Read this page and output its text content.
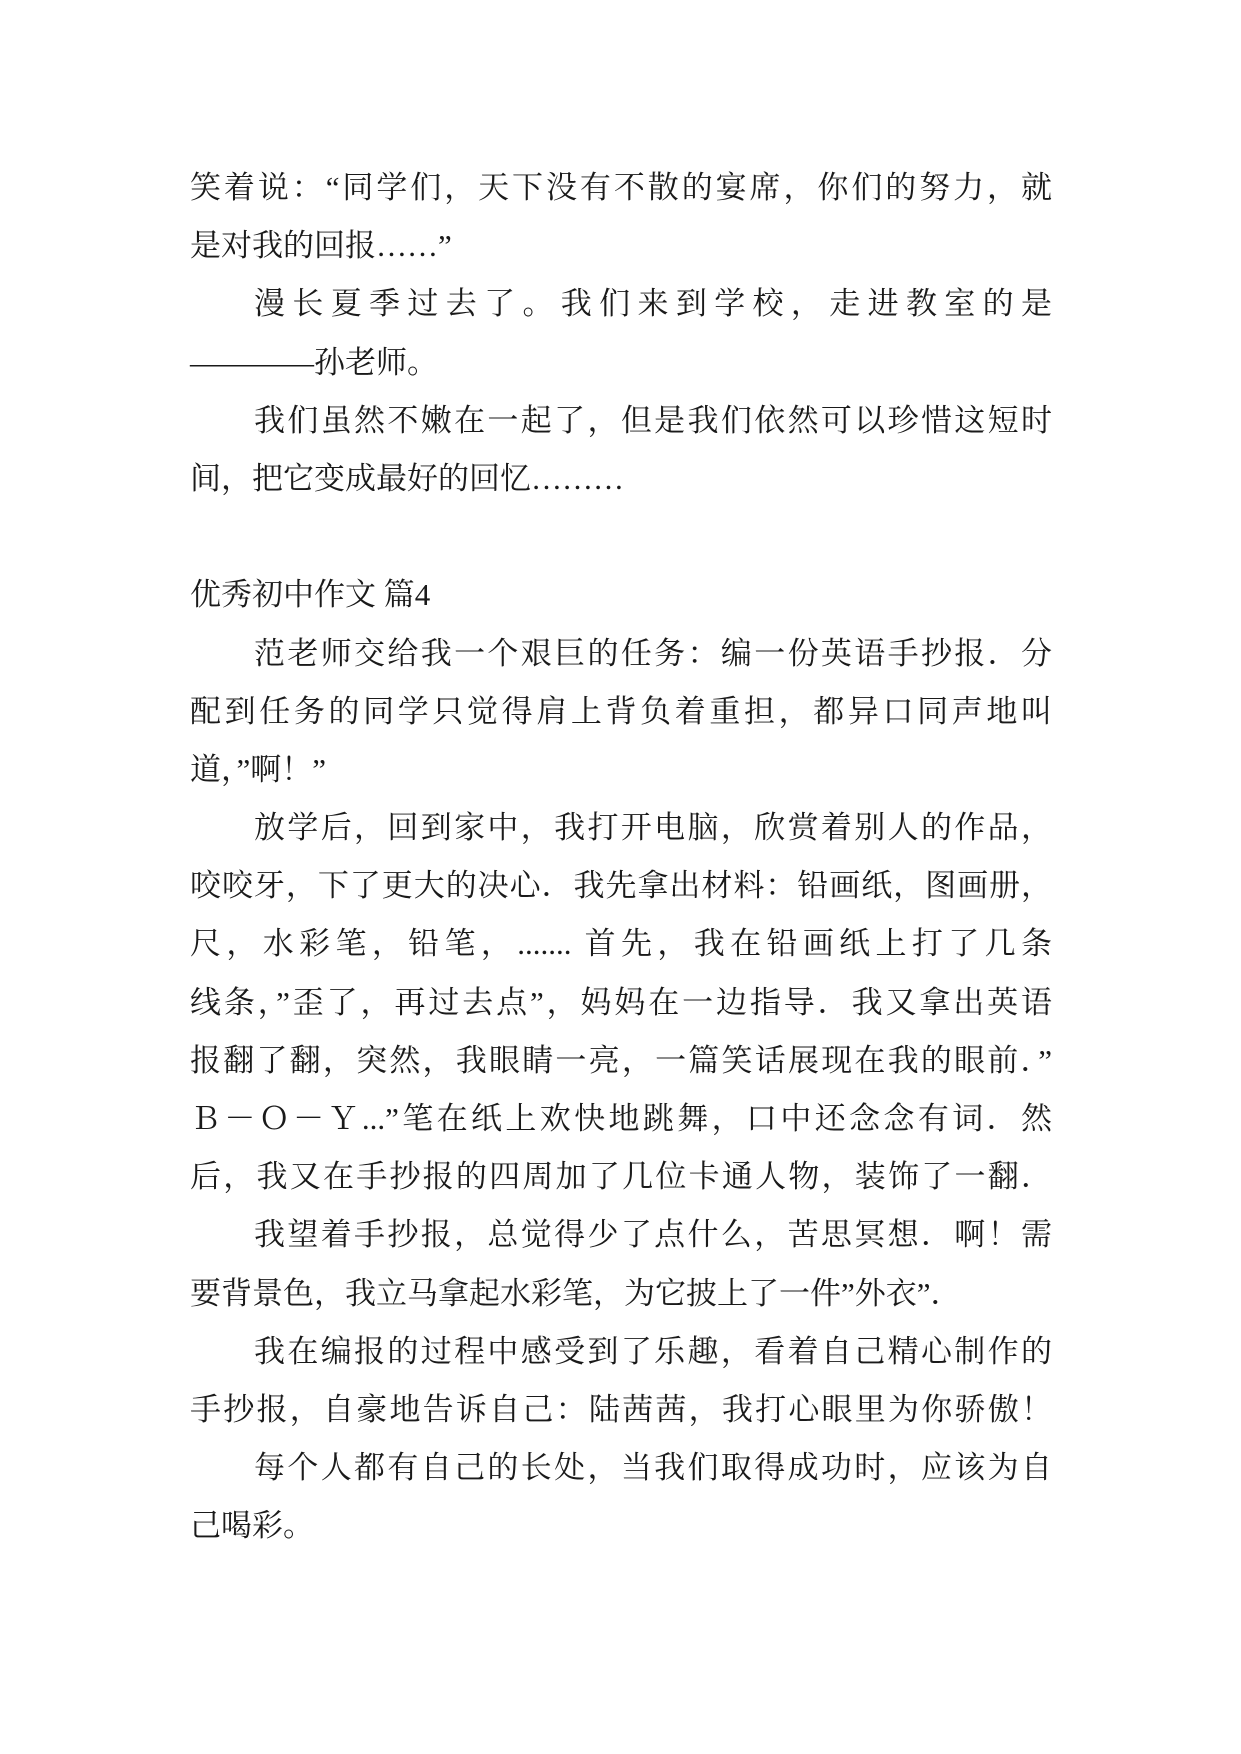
笑着说：“同学们，天下没有不散的宴席，你们的努力，就
是对我的回报……”
漫长夏季过去了。我们来到学校，走进教室的是
————孙老师。
我们虽然不嫩在一起了，但是我们依然可以珍惜这短时
间，把它变成最好的回忆………
优秀初中作文 篇4
范老师交给我一个艰巨的任务：编一份英语手抄报．分
配到任务的同学只觉得肩上背负着重担，都异口同声地叫
道，”啊！”
放学后，回到家中，我打开电脑，欣赏着别人的作品，
咬咬牙，下了更大的决心．我先拿出材料：铅画纸，图画册，
尺，水彩笔，铅笔，....... 首先，我在铅画纸上打了几条
线条，”歪了，再过去点”，妈妈在一边指导．我又拿出英语
报翻了翻，突然，我眼睛一亮，一篇笑话展现在我的眼前．”
Ｂ－Ｏ－Ｙ...”笔在纸上欢快地跳舞，口中还念念有词．然
后，我又在手抄报的四周加了几位卡通人物，装饰了一翻．
我望着手抄报，总觉得少了点什么，苦思冥想．啊！需
要背景色，我立马拿起水彩笔，为它披上了一件”外衣”．
我在编报的过程中感受到了乐趣，看着自己精心制作的
手抄报，自豪地告诉自己：陆茜茜，我打心眼里为你骄傲！
每个人都有自己的长处，当我们取得成功时，应该为自
己喝彩。
